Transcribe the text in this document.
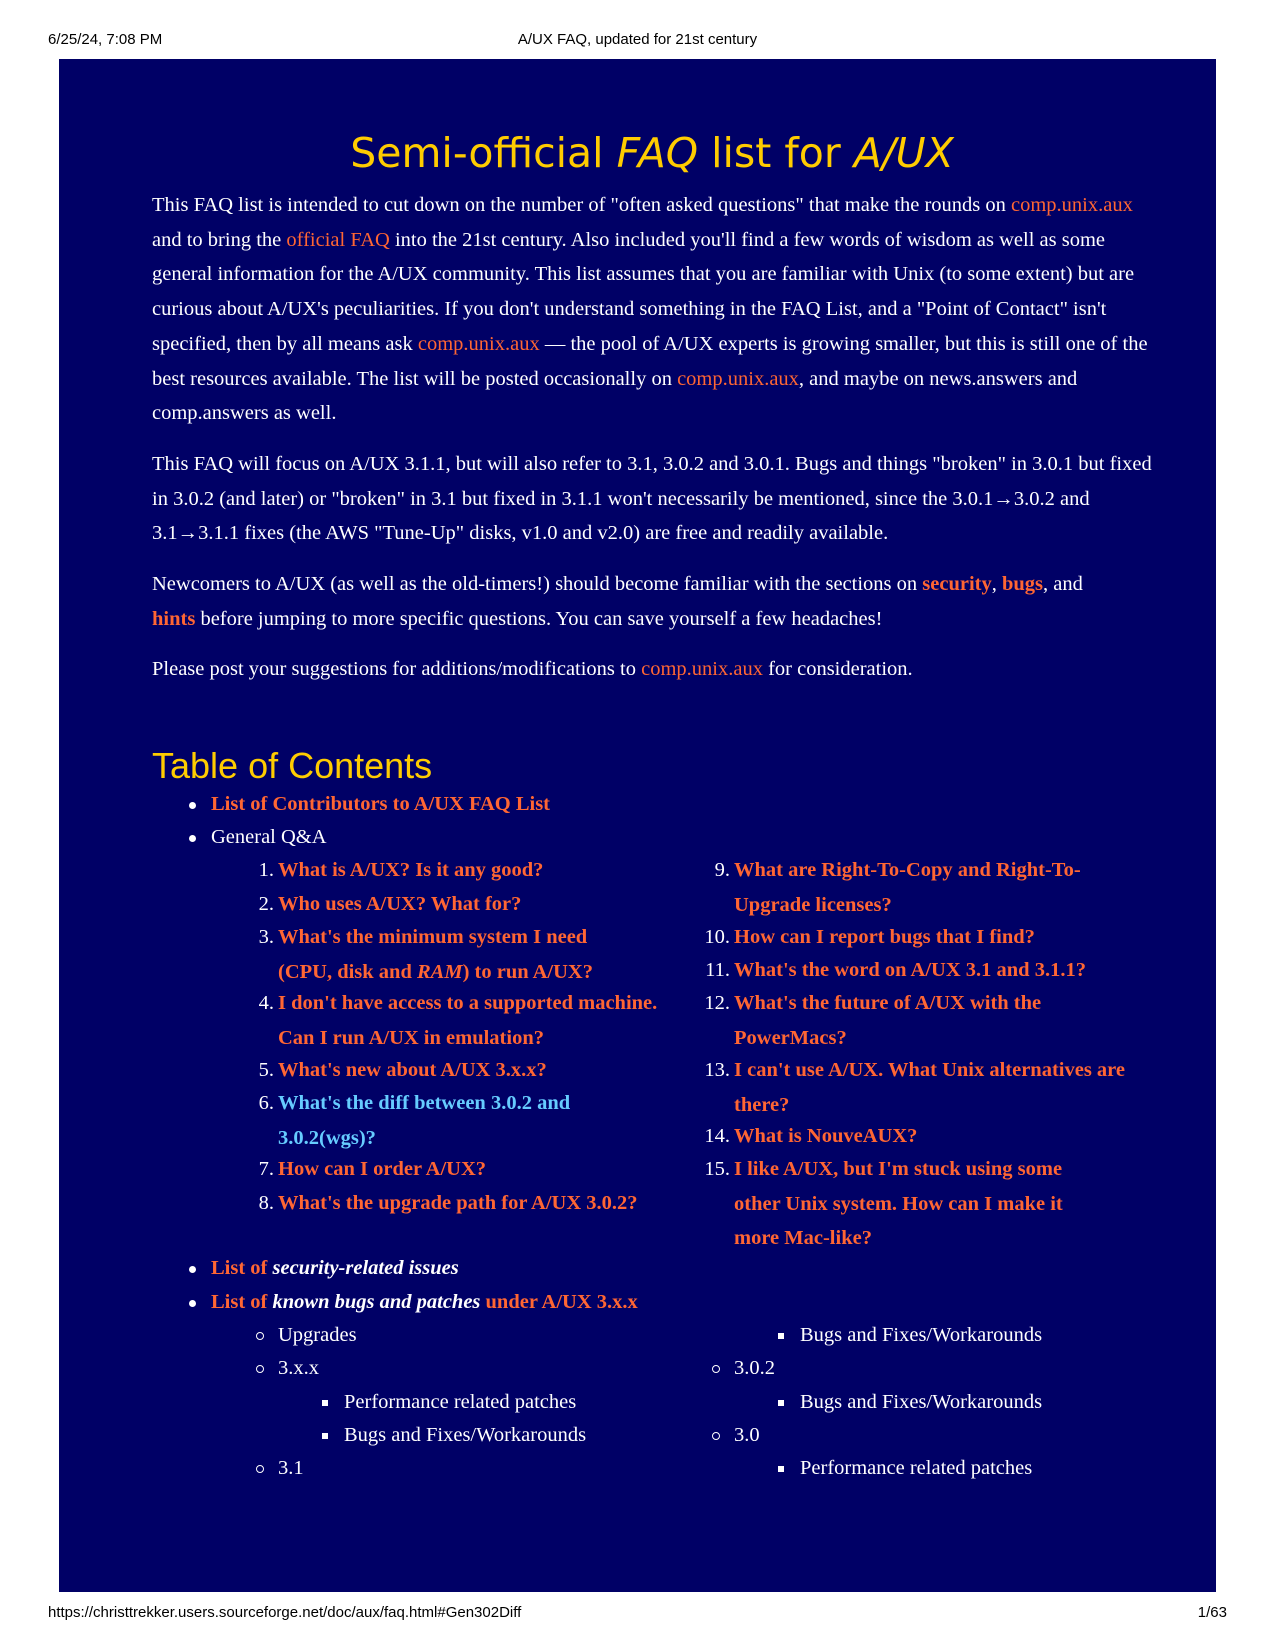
6/25/24, 7:08 PM	A/UX FAQ, updated for 21st century
Semi-official FAQ list for A/UX

This FAQ list is intended to cut down on the number of "often asked questions" that make the rounds on comp.unix.aux and to bring the official FAQ into the 21st century. Also included you'll find a few words of wisdom as well as some general information for the A/UX community. This list assumes that you are familiar with Unix (to some extent) but are curious about A/UX's peculiarities. If you don't understand something in the FAQ List, and a "Point of Contact" isn't specified, then by all means ask comp.unix.aux — the pool of A/UX experts is growing smaller, but this is still one of the best resources available. The list will be posted occasionally on comp.unix.aux, and maybe on news.answers and comp.answers as well.

This FAQ will focus on A/UX 3.1.1, but will also refer to 3.1, 3.0.2 and 3.0.1. Bugs and things "broken" in 3.0.1 but fixed in 3.0.2 (and later) or "broken" in 3.1 but fixed in 3.1.1 won't necessarily be mentioned, since the 3.0.1→3.0.2 and 3.1→3.1.1 fixes (the AWS "Tune-Up" disks, v1.0 and v2.0) are free and readily available.

Newcomers to A/UX (as well as the old-timers!) should become familiar with the sections on security, bugs, and
hints before jumping to more specific questions. You can save yourself a few headaches!

Please post your suggestions for additions/modifications to comp.unix.aux for consideration.

Table of Contents
List of Contributors to A/UX FAQ List
General Q&A
1. What is A/UX? Is it any good?
2. Who uses A/UX? What for?
3. What's the minimum system I need (CPU, disk and RAM) to run A/UX?
4. I don't have access to a supported machine. Can I run A/UX in emulation?
5. What's new about A/UX 3.x.x?
6. What's the diff between 3.0.2 and 3.0.2(wgs)?
7. How can I order A/UX?
8. What's the upgrade path for A/UX 3.0.2?
9. What are Right-To-Copy and Right-To-Upgrade licenses?
10. How can I report bugs that I find?
11. What's the word on A/UX 3.1 and 3.1.1?
12. What's the future of A/UX with the PowerMacs?
13. I can't use A/UX. What Unix alternatives are there?
14. What is NouveAUX?
15. I like A/UX, but I'm stuck using some other Unix system. How can I make it more Mac-like?
List of security-related issues
List of known bugs and patches under A/UX 3.x.x
Upgrades
3.x.x
Performance related patches
Bugs and Fixes/Workarounds
3.1
Bugs and Fixes/Workarounds
3.0.2
Bugs and Fixes/Workarounds
3.0
Performance related patches
https://christtrekker.users.sourceforge.net/doc/aux/faq.html#Gen302Diff	1/63
